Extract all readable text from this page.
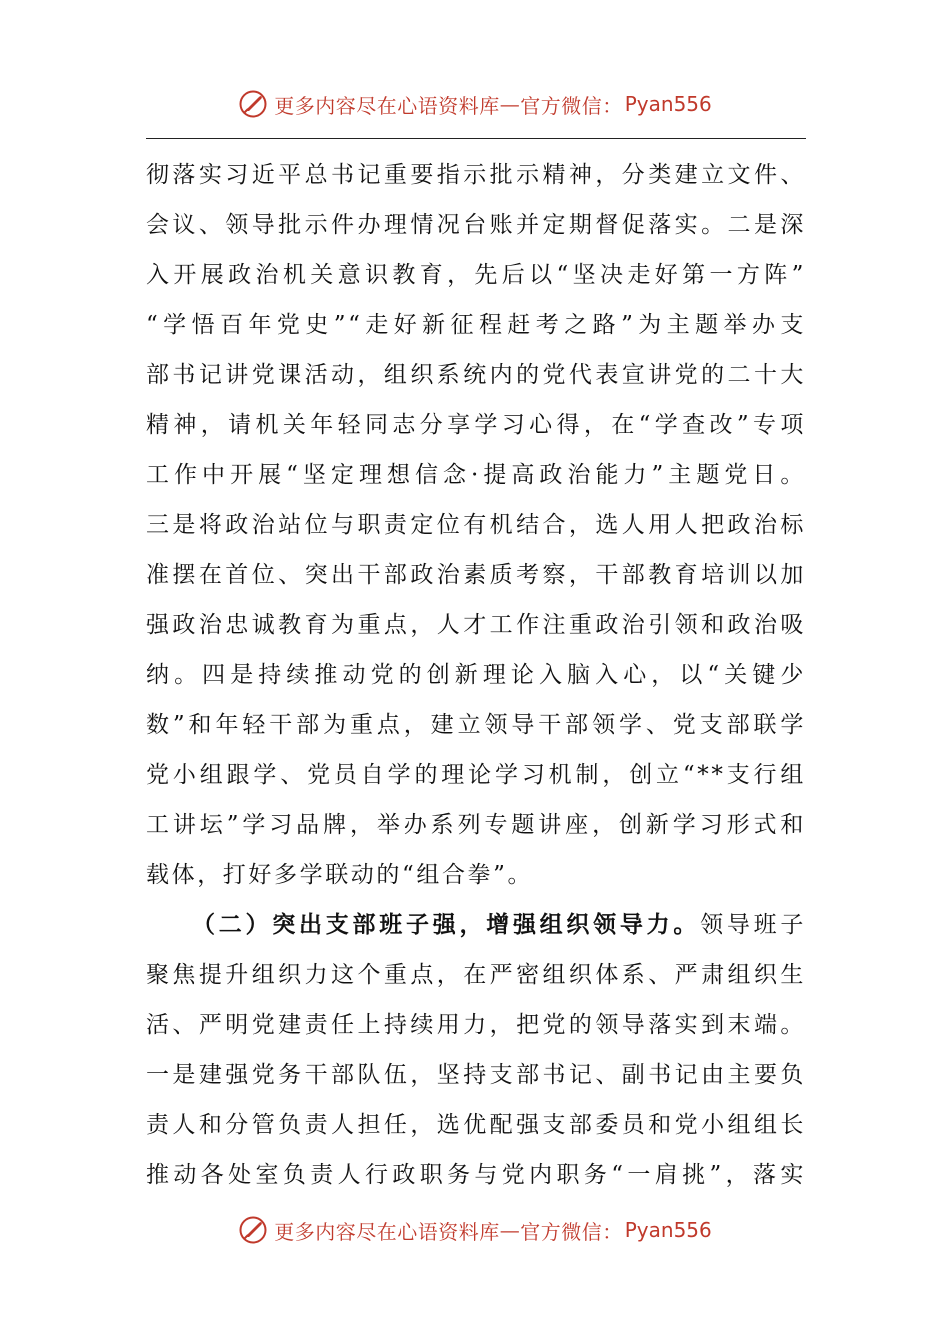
更多内容尽在心语资料库 — 官方微信： Pyan556
彻落实习近平总书记重要指示批示精神，分类建立文件、
会议、领导批示件办理情况台账并定期督促落实。二是深
入开展政治机关意识教育，先后以“坚决走好第一方阵”
“学悟百年党史”“走好新征程赶考之路”为主题举办支
部书记讲党课活动，组织系统内的党代表宣讲党的二十大
精神，请机关年轻同志分享学习心得，在“学查改”专项
工作中开展“坚定理想信念·提高政治能力”主题党日。
三是将政治站位与职责定位有机结合，选人用人把政治标
准摆在首位、突出干部政治素质考察，干部教育培训以加
强政治忠诚教育为重点，人才工作注重政治引领和政治吸
纳。四是持续推动党的创新理论入脑入心，以“关键少
数”和年轻干部为重点，建立领导干部领学、党支部联学
党小组跟学、党员自学的理论学习机制，创立“**支行组
工讲坛”学习品牌，举办系列专题讲座，创新学习形式和
载体，打好多学联动的“组合拳”。
（二）突出支部班子强，增强组织领导力。领导班子
聚焦提升组织力这个重点，在严密组织体系、严肃组织生
活、严明党建责任上持续用力，把党的领导落实到末端。
一是建强党务干部队伍，坚持支部书记、副书记由主要负
责人和分管负责人担任，选优配强支部委员和党小组组长
推动各处室负责人行政职务与党内职务“一肩挑”，落实
更多内容尽在心语资料库 — 官方微信： Pyan556
